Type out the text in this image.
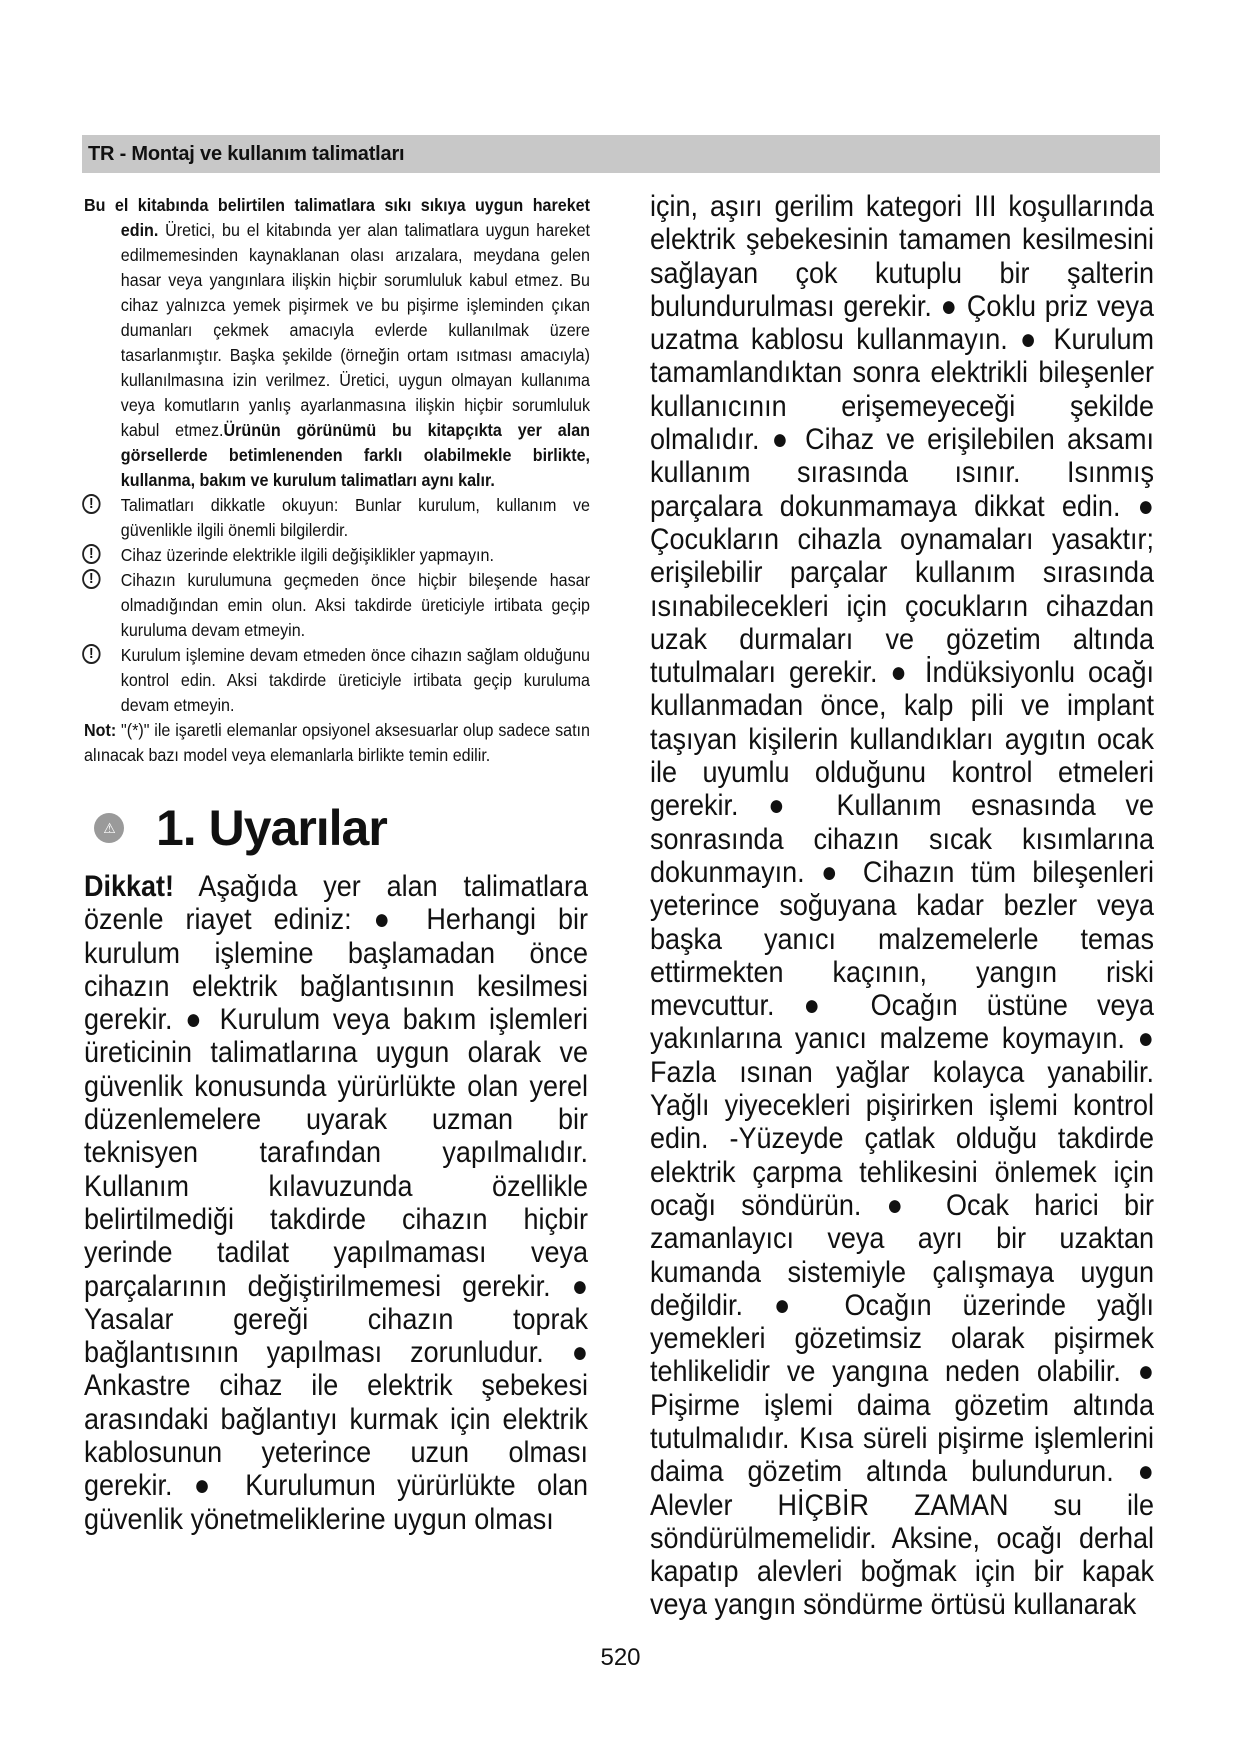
TR - Montaj ve kullanım talimatları

Bu el kitabında belirtilen talimatlara sıkı sıkıya uygun hareket edin. Üretici, bu el kitabında yer alan talimatlara uygun hareket edilmemesinden kaynaklanan olası arızalara, meydana gelen hasar veya yangınlara ilişkin hiçbir sorumluluk kabul etmez. Bu cihaz yalnızca yemek pişirmek ve bu pişirme işleminden çıkan dumanları çekmek amacıyla evlerde kullanılmak üzere tasarlanmıştır. Başka şekilde (örneğin ortam ısıtması amacıyla) kullanılmasına izin verilmez. Üretici, uygun olmayan kullanıma veya komutların yanlış ayarlanmasına ilişkin hiçbir sorumluluk kabul etmez.Ürünün görünümü bu kitapçıkta yer alan görsellerde betimlenenden farklı olabilmekle birlikte, kullanma, bakım ve kurulum talimatları aynı kalır.

!	Talimatları dikkatle okuyun: Bunlar kurulum, kullanım ve güvenlikle ilgili önemli bilgilerdir.

!	Cihaz üzerinde elektrikle ilgili değişiklikler yapmayın.

!	Cihazın kurulumuna geçmeden önce hiçbir bileşende hasar olmadığından emin olun. Aksi takdirde üreticiyle irtibata geçip kuruluma devam etmeyin.

!	Kurulum işlemine devam etmeden önce cihazın sağlam olduğunu kontrol edin. Aksi takdirde üreticiyle irtibata geçip kuruluma devam etmeyin.

Not: "(*)" ile işaretli elemanlar opsiyonel aksesuarlar olup sadece satın alınacak bazı model veya elemanlarla birlikte temin edilir.

⚠ 1. Uyarılar
Dikkat! Aşağıda yer alan talimatlara özenle riayet ediniz: ● Herhangi bir kurulum işlemine başlamadan önce cihazın elektrik bağlantısının kesilmesi gerekir. ● Kurulum veya bakım işlemleri üreticinin talimatlarına uygun olarak ve güvenlik konusunda yürürlükte olan yerel düzenlemelere uyarak uzman bir teknisyen tarafından yapılmalıdır. Kullanım kılavuzunda özellikle belirtilmediği takdirde cihazın hiçbir yerinde tadilat yapılmaması veya parçalarının değiştirilmemesi gerekir. ● Yasalar gereği cihazın toprak bağlantısının yapılması zorunludur. ● Ankastre cihaz ile elektrik şebekesi arasındaki bağlantıyı kurmak için elektrik kablosunun yeterince uzun olması gerekir. ● Kurulumun yürürlükte olan güvenlik yönetmeliklerine uygun olması
için, aşırı gerilim kategori III koşullarında elektrik şebekesinin tamamen kesilmesini sağlayan çok kutuplu bir şalterin bulundurulması gerekir. ● Çoklu priz veya uzatma kablosu kullanmayın. ● Kurulum tamamlandıktan sonra elektrikli bileşenler kullanıcının erişemeyeceği şekilde olmalıdır. ● Cihaz ve erişilebilen aksamı kullanım sırasında ısınır. Isınmış parçalara dokunmamaya dikkat edin. ● Çocukların cihazla oynamaları yasaktır; erişilebilir parçalar kullanım sırasında ısınabilecekleri için çocukların cihazdan uzak durmaları ve gözetim altında tutulmaları gerekir. ● İndüksiyonlu ocağı kullanmadan önce, kalp pili ve implant taşıyan kişilerin kullandıkları aygıtın ocak ile uyumlu olduğunu kontrol etmeleri gerekir. ● Kullanım esnasında ve sonrasında cihazın sıcak kısımlarına dokunmayın. ● Cihazın tüm bileşenleri yeterince soğuyana kadar bezler veya başka yanıcı malzemelerle temas ettirmekten kaçının, yangın riski mevcuttur. ● Ocağın üstüne veya yakınlarına yanıcı malzeme koymayın. ● Fazla ısınan yağlar kolayca yanabilir. Yağlı yiyecekleri pişirirken işlemi kontrol edin. -Yüzeyde çatlak olduğu takdirde elektrik çarpma tehlikesini önlemek için ocağı söndürün. ● Ocak harici bir zamanlayıcı veya ayrı bir uzaktan kumanda sistemiyle çalışmaya uygun değildir. ● Ocağın üzerinde yağlı yemekleri gözetimsiz olarak pişirmek tehlikelidir ve yangına neden olabilir. ● Pişirme işlemi daima gözetim altında tutulmalıdır. Kısa süreli pişirme işlemlerini daima gözetim altında bulundurun. ● Alevler HİÇBİR ZAMAN su ile söndürülmemelidir. Aksine, ocağı derhal kapatıp alevleri boğmak için bir kapak veya yangın söndürme örtüsü kullanarak
520
